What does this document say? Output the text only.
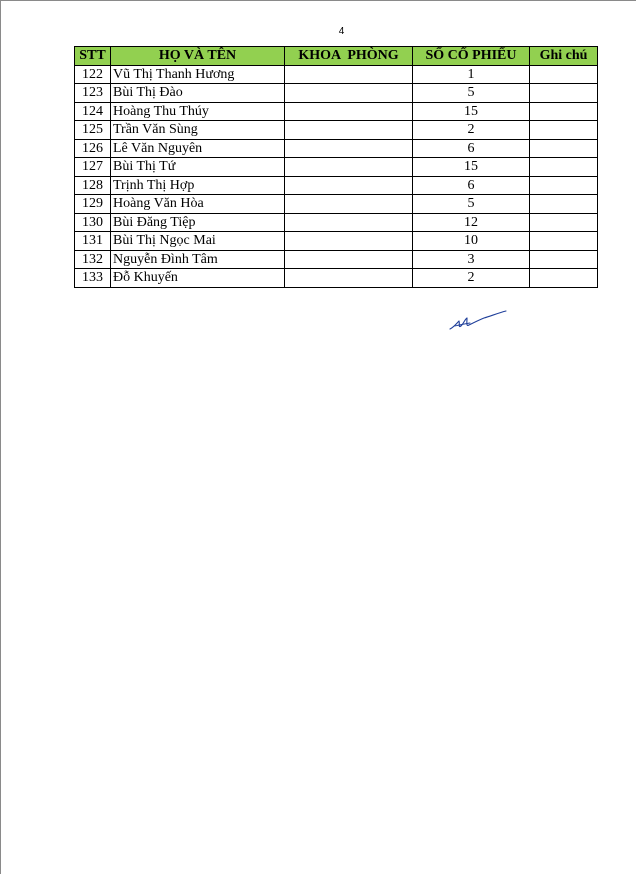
4
STT	HỌ VÀ TÊN	KHOA  PHÒNG	SỐ CỔ PHIẾU	Ghi chú
122	Vũ Thị Thanh Hương		1	
123	Bùi Thị Đào		5	
124	Hoàng Thu Thúy		15	
125	Trần Văn Sùng		2	
126	Lê Văn Nguyên		6	
127	Bùi Thị Tứ		15	
128	Trịnh Thị Hợp		6	
129	Hoàng Văn Hòa		5	
130	Bùi Đăng Tiệp		12	
131	Bùi Thị Ngọc Mai		10	
132	Nguyễn Đình Tâm		3	
133	Đỗ Khuyến		2	
